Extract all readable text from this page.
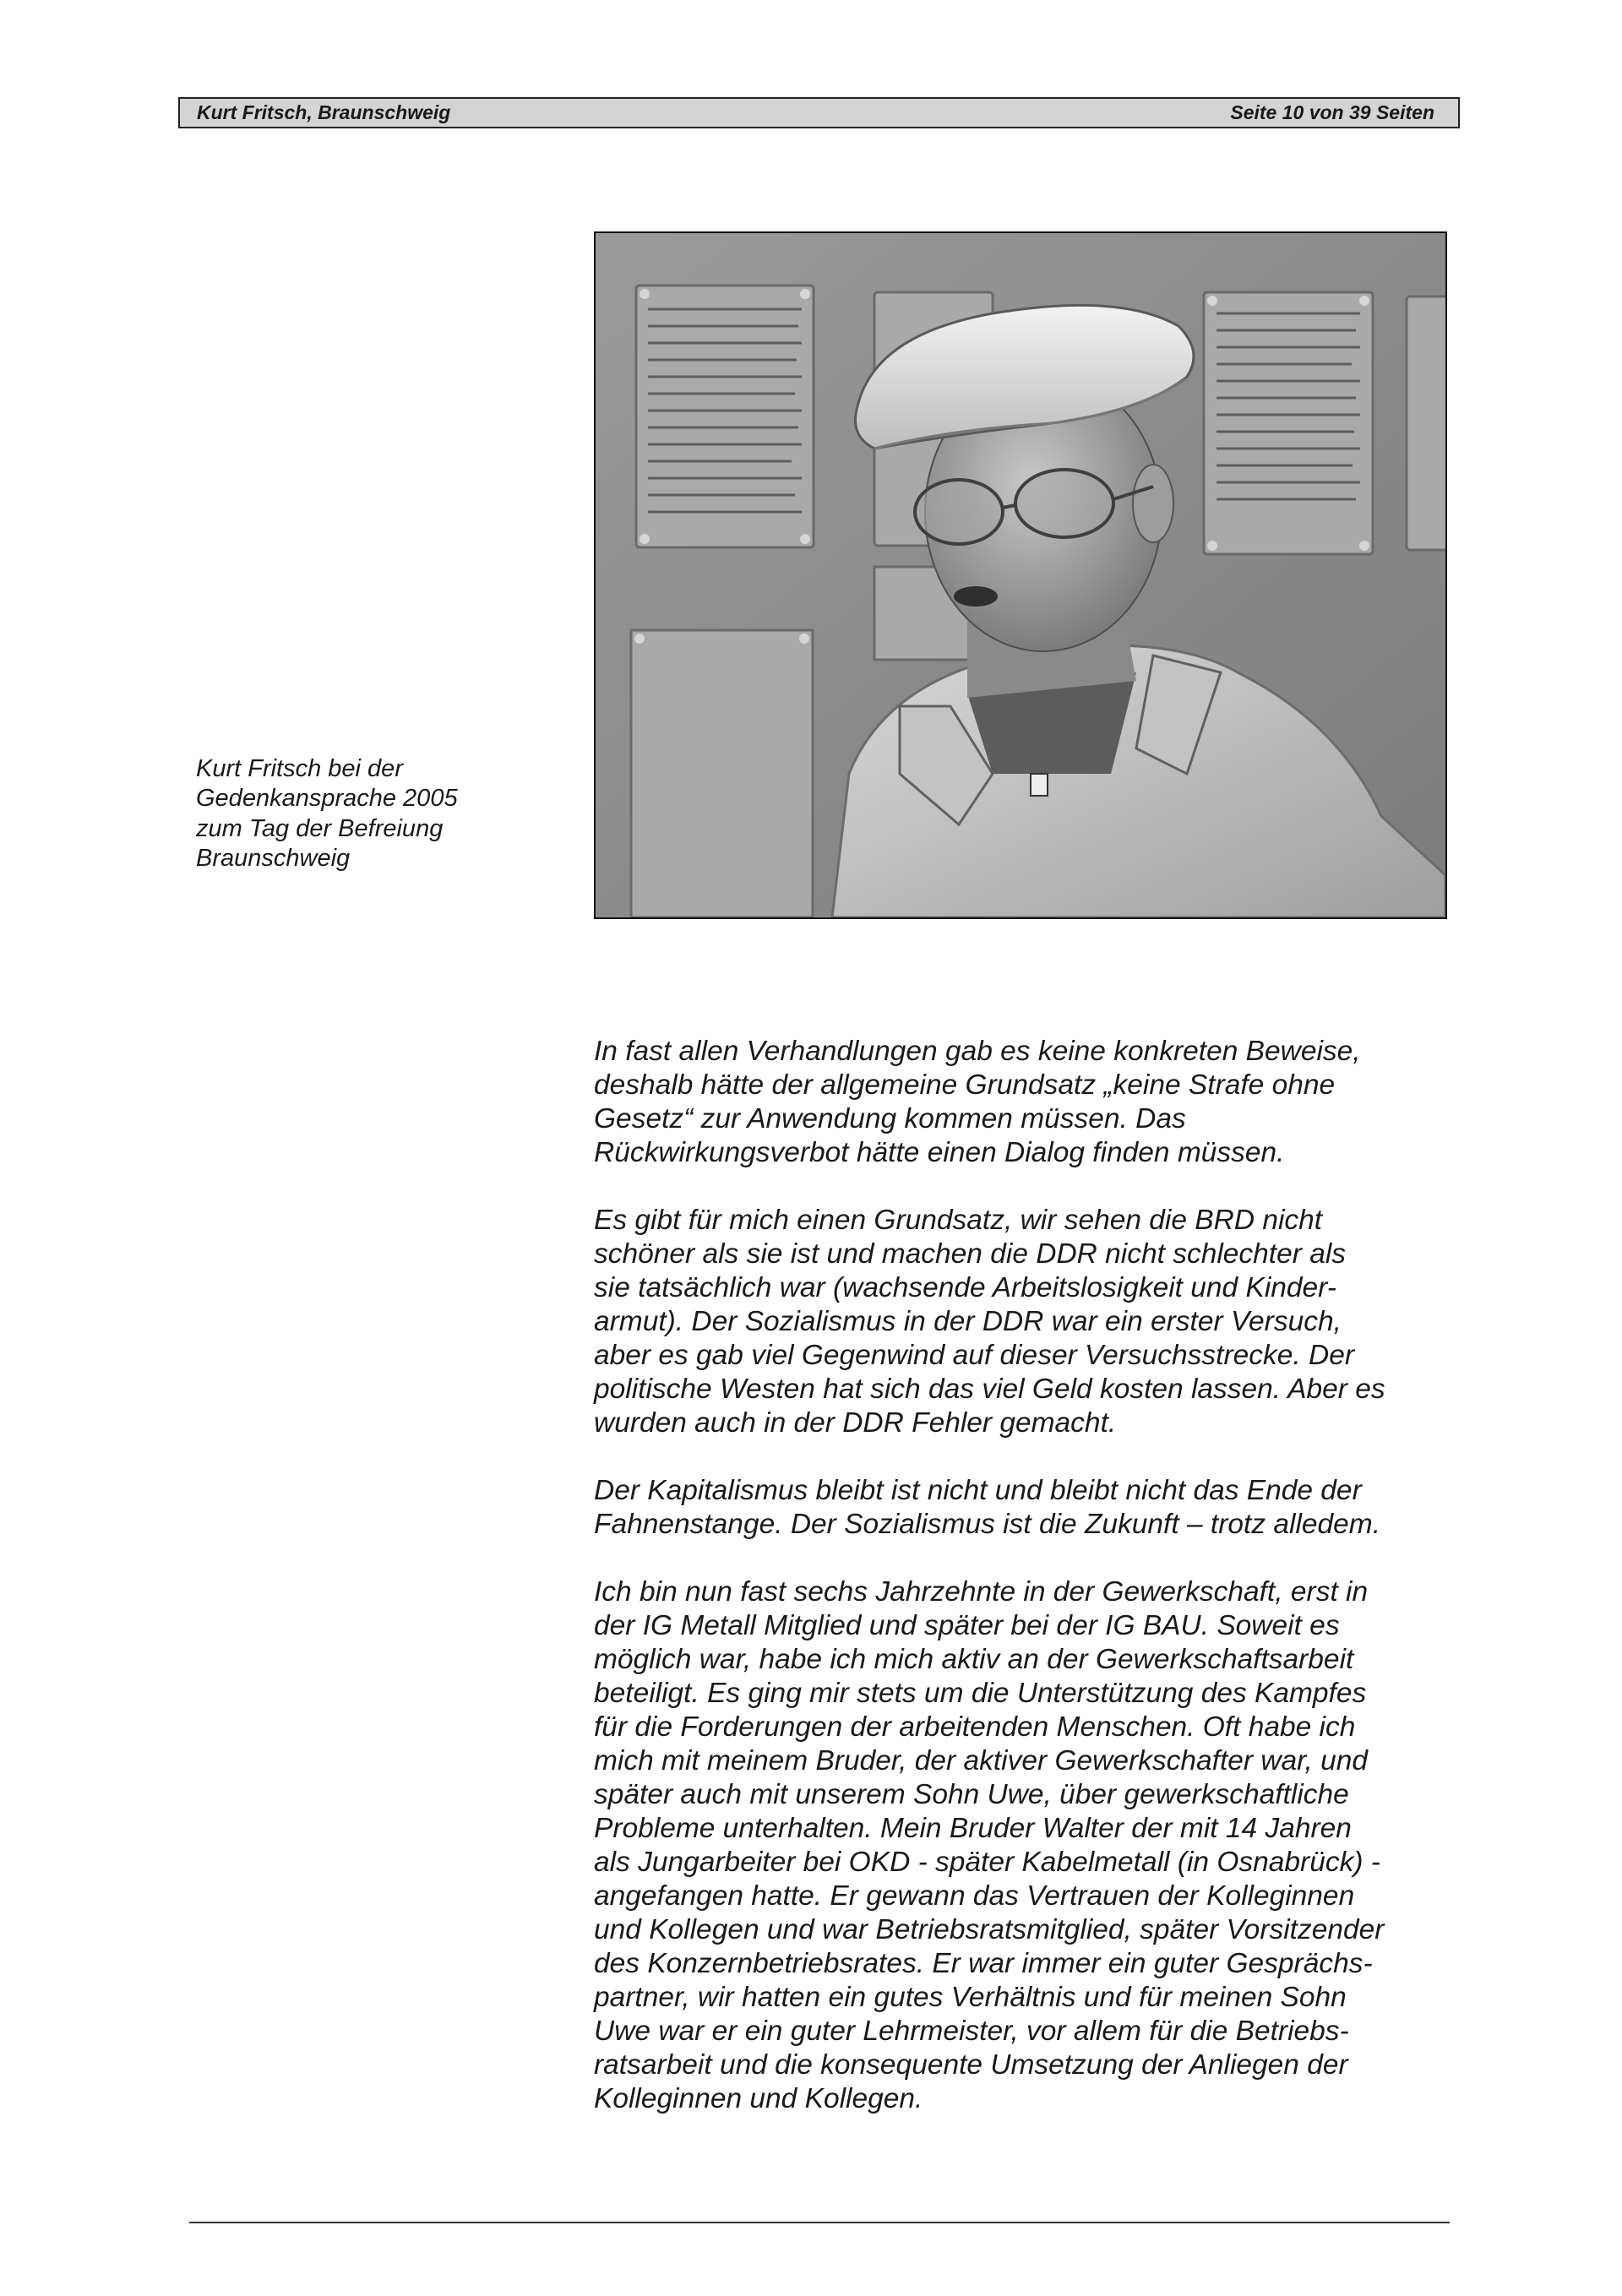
Kurt Fritsch, Braunschweig	Seite 10 von 39 Seiten
Kurt Fritsch bei der
Gedenkansprache 2005
zum Tag der Befreiung
Braunschweig

In fast allen Verhandlungen gab es keine konkreten Beweise,
deshalb hätte der allgemeine Grundsatz „keine Strafe ohne
Gesetz“ zur Anwendung kommen müssen. Das
Rückwirkungsverbot hätte einen Dialog finden müssen.

Es gibt für mich einen Grundsatz, wir sehen die BRD nicht
schöner als sie ist und machen die DDR nicht schlechter als
sie tatsächlich war (wachsende Arbeitslosigkeit und Kinder-
armut). Der Sozialismus in der DDR war ein erster Versuch,
aber es gab viel Gegenwind auf dieser Versuchsstrecke. Der
politische Westen hat sich das viel Geld kosten lassen. Aber es
wurden auch in der DDR Fehler gemacht.

Der Kapitalismus bleibt ist nicht und bleibt nicht das Ende der
Fahnenstange. Der Sozialismus ist die Zukunft – trotz alledem.

Ich bin nun fast sechs Jahrzehnte in der Gewerkschaft, erst in
der IG Metall Mitglied und später bei der IG BAU. Soweit es
möglich war, habe ich mich aktiv an der Gewerkschaftsarbeit
beteiligt. Es ging mir stets um die Unterstützung des Kampfes
für die Forderungen der arbeitenden Menschen. Oft habe ich
mich mit meinem Bruder, der aktiver Gewerkschafter war, und
später auch mit unserem Sohn Uwe, über gewerkschaftliche
Probleme unterhalten. Mein Bruder Walter der mit 14 Jahren
als Jungarbeiter bei OKD - später Kabelmetall (in Osnabrück) -
angefangen hatte. Er gewann das Vertrauen der Kolleginnen
und Kollegen und war Betriebsratsmitglied, später Vorsitzender
des Konzernbetriebsrates. Er war immer ein guter Gesprächs-
partner, wir hatten ein gutes Verhältnis und für meinen Sohn
Uwe war er ein guter Lehrmeister, vor allem für die Betriebs-
ratsarbeit und die konsequente Umsetzung der Anliegen der
Kolleginnen und Kollegen.
